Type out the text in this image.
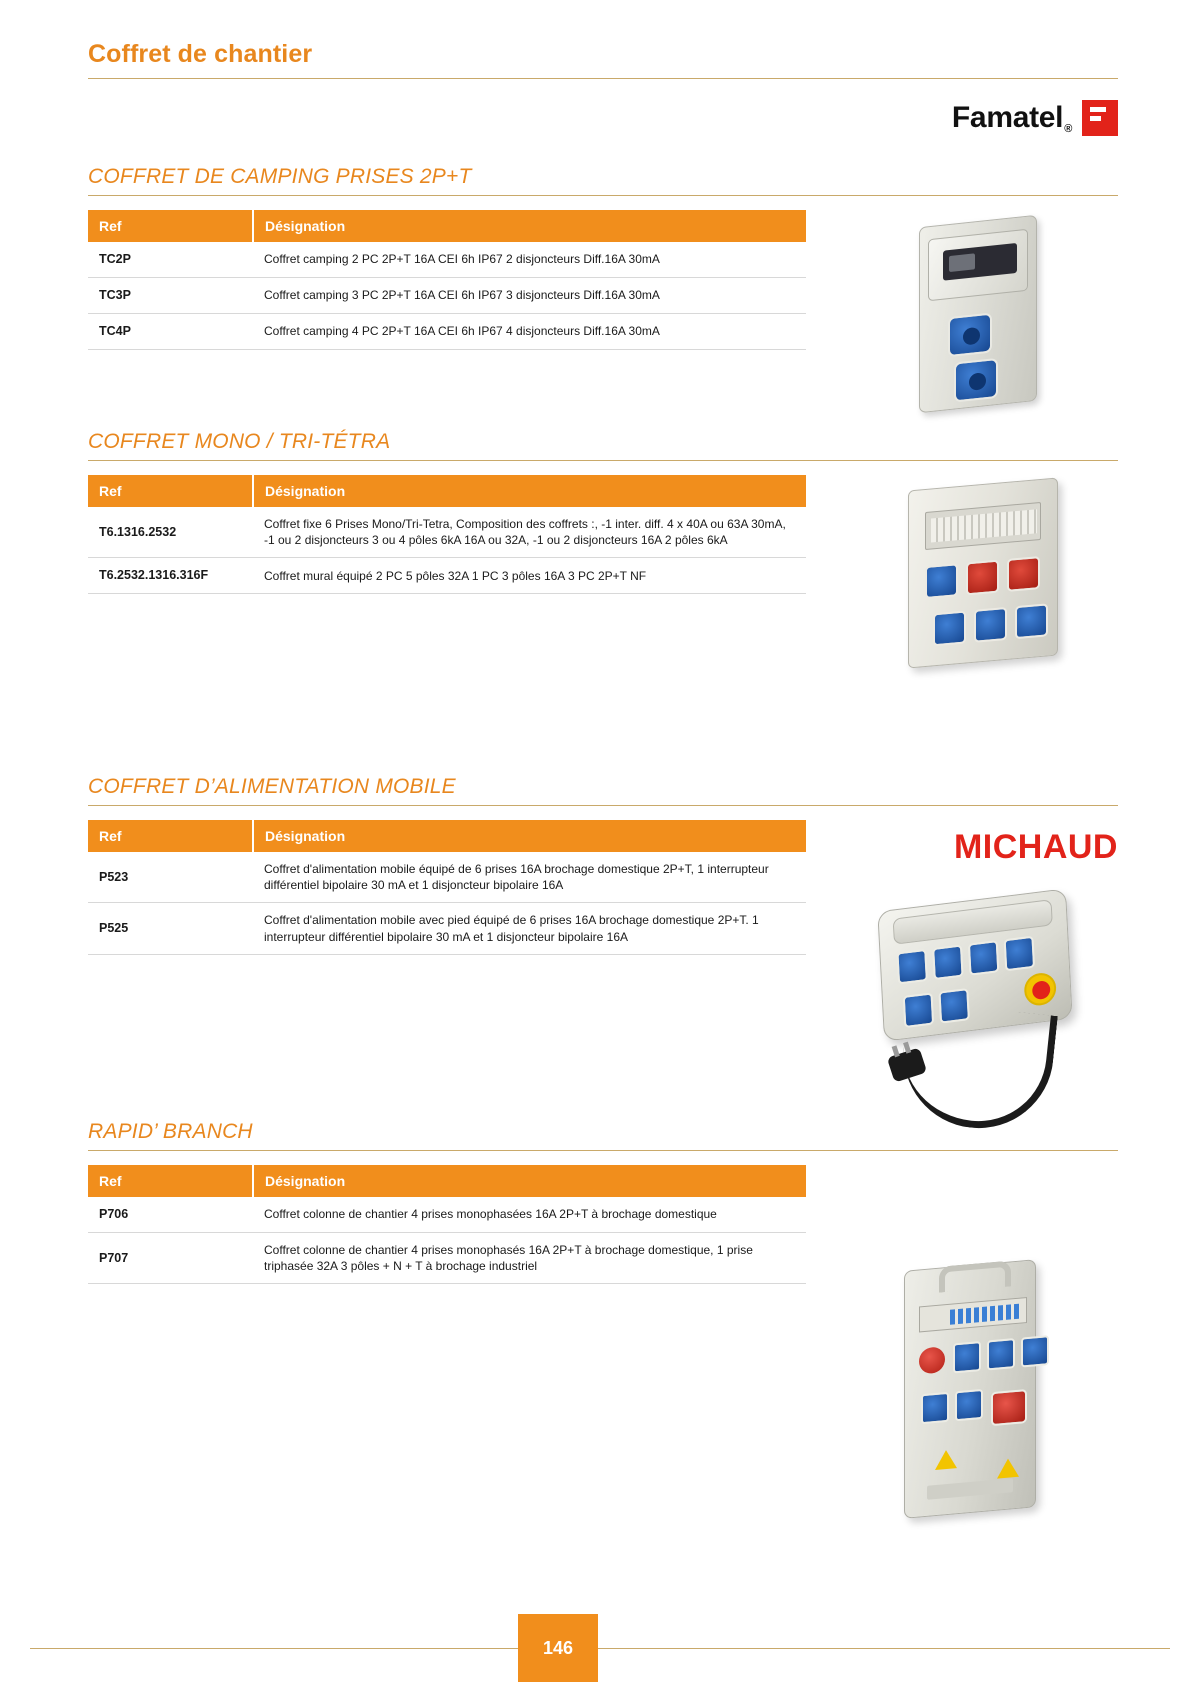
Coffret de chantier
Famatel®
COFFRET DE CAMPING PRISES 2P+T
Ref	Désignation
TC2P	Coffret camping 2 PC 2P+T 16A CEI 6h IP67 2 disjoncteurs Diff.16A 30mA
TC3P	Coffret camping 3 PC 2P+T 16A CEI 6h IP67 3 disjoncteurs Diff.16A 30mA
TC4P	Coffret camping 4 PC 2P+T 16A CEI 6h IP67 4 disjoncteurs Diff.16A 30mA
COFFRET MONO / TRI-TÉTRA
Ref	Désignation
T6.1316.2532	Coffret fixe 6 Prises Mono/Tri-Tetra, Composition des coffrets :, -1 inter. diff. 4 x 40A ou 63A 30mA, -1 ou 2 disjoncteurs 3 ou 4 pôles 6kA 16A ou 32A, -1 ou 2 disjoncteurs 16A 2 pôles 6kA
T6.2532.1316.316F	Coffret mural équipé 2 PC 5 pôles 32A 1 PC 3 pôles 16A 3 PC 2P+T NF
MICHAUD
COFFRET D’ALIMENTATION MOBILE
Ref	Désignation
P523	Coffret d'alimentation mobile équipé de 6 prises 16A brochage domestique 2P+T, 1 interrupteur différentiel bipolaire 30 mA et 1 disjoncteur bipolaire 16A
P525	Coffret d'alimentation mobile avec pied équipé de 6 prises 16A brochage domestique 2P+T. 1 interrupteur différentiel bipolaire 30 mA et 1 disjoncteur bipolaire 16A
RAPID’ BRANCH
Ref	Désignation
P706	Coffret colonne de chantier 4 prises monophasées 16A 2P+T à brochage domestique
P707	Coffret colonne de chantier 4 prises monophasés 16A 2P+T à brochage domestique, 1 prise triphasée 32A 3 pôles + N + T à brochage industriel
146
